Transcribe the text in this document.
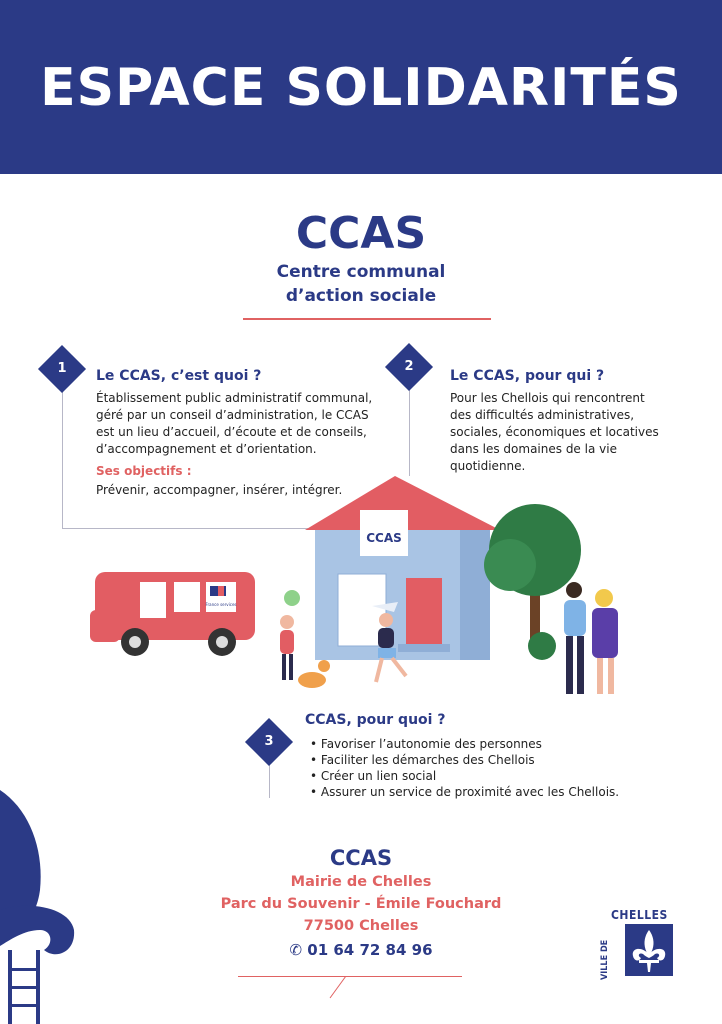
ESPACE SOLIDARITÉS
CCAS
Centre communal
d’action sociale
1	Le CCAS, c’est quoi ?
Établissement public administratif communal,
géré par un conseil d’administration, le CCAS
est un lieu d’accueil, d’écoute et de conseils,
d’accompagnement et d’orientation.
Ses objectifs :
Prévenir, accompagner, insérer, intégrer.
2
Le CCAS, pour qui ?
Pour les Chellois qui rencontrent
des difficultés administratives,
sociales, économiques et locatives
dans les domaines de la vie
quotidienne.
France services
CCAS
3
CCAS, pour quoi ?
• Favoriser l’autonomie des personnes
• Faciliter les démarches des Chellois
• Créer un lien social
• Assurer un service de proximité avec les Chellois.
CCAS
Mairie de Chelles
Parc du Souvenir - Émile Fouchard
77500 Chelles
✆ 01 64 72 84 96
CHELLES
VILLE DE
